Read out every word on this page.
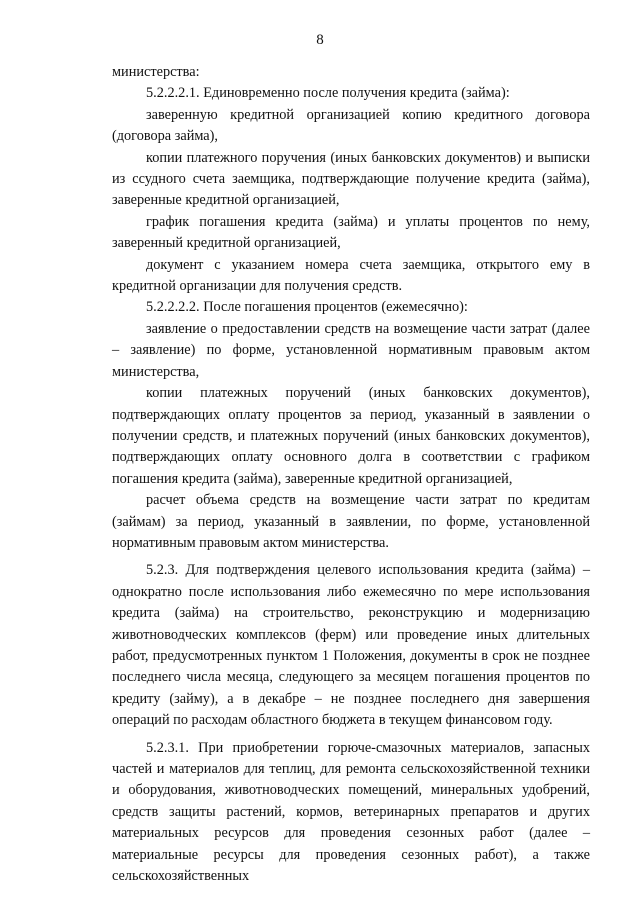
8

министерства:

5.2.2.2.1. Единовременно после получения кредита (займа):

заверенную кредитной организацией копию кредитного договора (договора займа),

копии платежного поручения (иных банковских документов) и выписки из ссудного счета заемщика, подтверждающие получение кредита (займа), заверенные кредитной организацией,

график погашения кредита (займа) и уплаты процентов по нему, заверенный кредитной организацией,

документ с указанием номера счета заемщика, открытого ему в кредитной организации для получения средств.

5.2.2.2.2. После погашения процентов (ежемесячно):

заявление о предоставлении средств на возмещение части затрат (далее – заявление) по форме, установленной нормативным правовым актом министерства,

копии платежных поручений (иных банковских документов), подтверждающих оплату процентов за период, указанный в заявлении о получении средств, и платежных поручений (иных банковских документов), подтверждающих оплату основного долга в соответствии с графиком погашения кредита (займа), заверенные кредитной организацией,

расчет объема средств на возмещение части затрат по кредитам (займам) за период, указанный в заявлении, по форме, установленной нормативным правовым актом министерства.

5.2.3. Для подтверждения целевого использования кредита (займа) – однократно после использования либо ежемесячно по мере использования кредита (займа) на строительство, реконструкцию и модернизацию животноводческих комплексов (ферм) или проведение иных длительных работ, предусмотренных пунктом 1 Положения, документы в срок не позднее последнего числа месяца, следующего за месяцем погашения процентов по кредиту (займу), а в декабре – не позднее последнего дня завершения операций по расходам областного бюджета в текущем финансовом году.

5.2.3.1. При приобретении горюче-смазочных материалов, запасных частей и материалов для теплиц, для ремонта сельскохозяйственной техники и оборудования, животноводческих помещений, минеральных удобрений, средств защиты растений, кормов, ветеринарных препаратов и других материальных ресурсов для проведения сезонных работ (далее – материальные ресурсы для проведения сезонных работ), а также сельскохозяйственных
